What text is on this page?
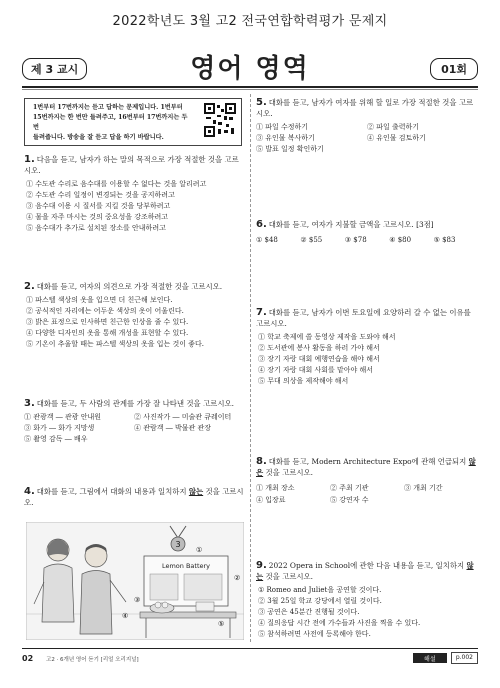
2022학년도 3월 고2 전국연합학력평가 문제지
제 3 교시	영어 영역	01회
1번부터 17번까지는 듣고 답하는 문제입니다. 1번부터
15번까지는 한 번만 들려주고, 16번부터 17번까지는 두 번
들려줍니다. 방송을 잘 듣고 답을 하기 바랍니다.
1. 다음을 듣고, 남자가 하는 말의 목적으로 가장 적절한 것을 고르시오.
① 수도관 수리로 음수대를 이용할 수 없다는 것을 알리려고
② 수도관 수리 일정이 변경되는 것을 공지하려고
③ 음수대 이용 시 질서를 지킬 것을 당부하려고
④ 물을 자주 마시는 것의 중요성을 강조하려고
⑤ 음수대가 추가로 설치된 장소를 안내하려고
2. 대화를 듣고, 여자의 의견으로 가장 적절한 것을 고르시오.
① 파스텔 색상의 옷을 입으면 더 친근해 보인다.
② 공식적인 자리에는 어두운 색상의 옷이 어울린다.
③ 밝은 표정으로 인사하면 친근한 인상을 줄 수 있다.
④ 다양한 디자인의 옷을 통해 개성을 표현할 수 있다.
⑤ 기온이 추울할 때는 파스텔 색상의 옷을 입는 것이 좋다.
3. 대화를 듣고, 두 사람의 관계를 가장 잘 나타낸 것을 고르시오.
① 관광객 ― 관광 안내원	② 사진작가 ― 미술관 큐레이터
③ 화가 ― 화가 지망생	④ 관람객 ― 박물관 관장
⑤ 촬영 감독 ― 배우
4. 대화를 듣고, 그림에서 대화의 내용과 일치하지 않는 것을 고르시오.
3
Lemon Battery
①
②
③
④
⑤
5. 대화를 듣고, 남자가 여자를 위해 할 일로 가장 적절한 것을 고르시오.
① 파일 수정하기	② 파일 출력하기
③ 유인물 복사하기	④ 유인물 검토하기
⑤ 발표 일정 확인하기
6. 대화를 듣고, 여자가 지불할 금액을 고르시오. [3점]
① $48	② $55	③ $78	④ $80	⑤ $83
7. 대화를 듣고, 남자가 이번 토요일에 요양하러 갈 수 없는 이유를 고르시오.
① 학교 축제에 쓸 동영상 제작을 도와야 해서
② 도서관에 봉사 활동을 하러 가야 해서
③ 장기 자랑 대회 예행연습을 해야 해서
④ 장기 자랑 대회 사회를 맡아야 해서
⑤ 무대 의상을 제작해야 해서
8. 대화를 듣고, Modern Architecture Expo에 관해 언급되지 않은 것을 고르시오.
① 개최 장소	② 주최 기관	③ 개최 기간
④ 입장료	⑤ 강연자 수
9. 2022 Opera in School에 관한 다음 내용을 듣고, 일치하지 않는 것을 고르시오.
① Romeo and Juliet을 공연할 것이다.
② 3월 25일 학교 강당에서 열릴 것이다.
③ 공연은 45분간 진행될 것이다.
④ 질의응답 시간 전에 가수들과 사진을 찍을 수 있다.
⑤ 참석하려면 사전에 등록해야 한다.
02 고2 · 6개년 영어 듣기 [리얼 오리지널]	해설	p.002
